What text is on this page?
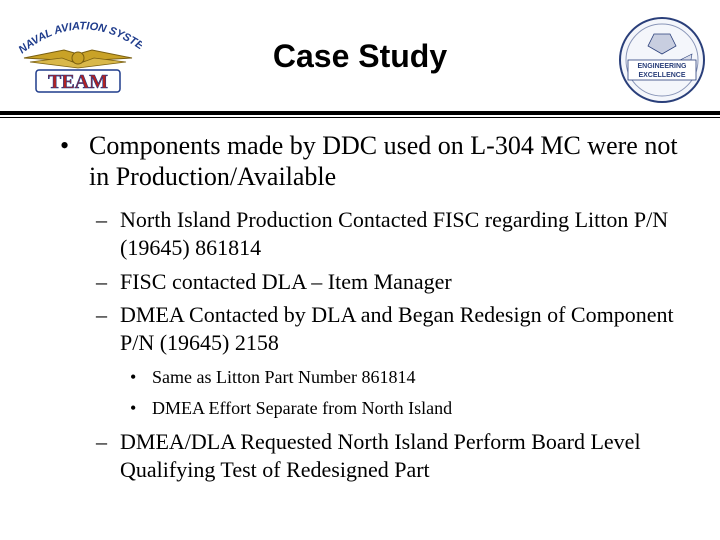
NAVAL AVIATION SYST
TEAM
Case Study	ENGINEERING
EXCELLENCE
• Components made by DDC used on L-304 MC were not in Production/Available
– North Island Production Contacted FISC regarding Litton P/N (19645) 861814
– FISC contacted DLA – Item Manager
– DMEA Contacted by DLA and Began Redesign of Component P/N (19645) 2158
• Same as Litton Part Number 861814
• DMEA Effort Separate from North Island
– DMEA/DLA Requested North Island Perform Board Level Qualifying Test of Redesigned Part
